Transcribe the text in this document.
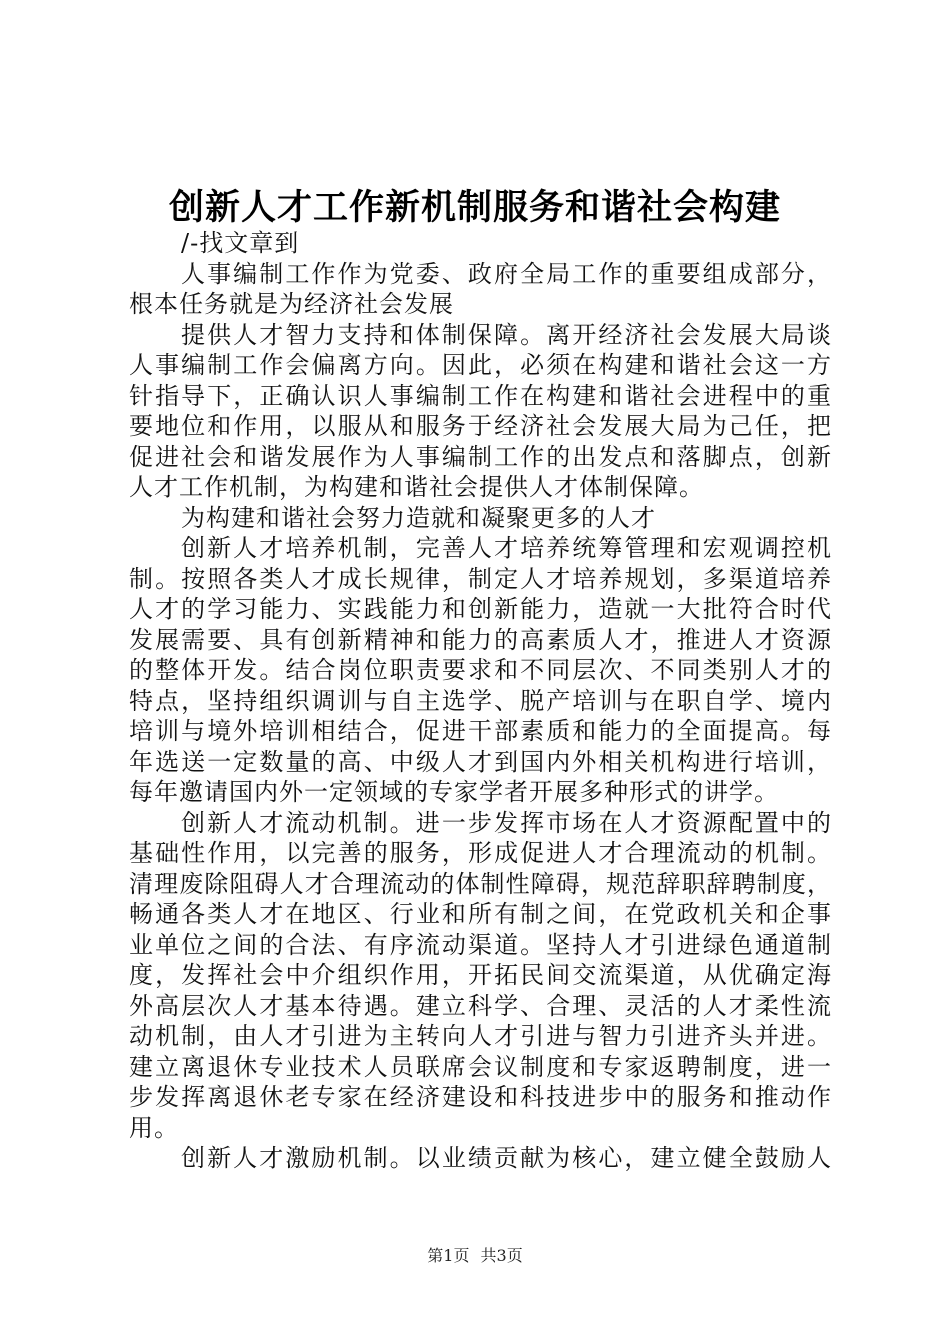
创新人才工作新机制服务和谐社会构建
/-找文章到
人事编制工作作为党委、政府全局工作的重要组成部分，
根本任务就是为经济社会发展
提供人才智力支持和体制保障。离开经济社会发展大局谈
人事编制工作会偏离方向。因此，必须在构建和谐社会这一方
针指导下，正确认识人事编制工作在构建和谐社会进程中的重
要地位和作用，以服从和服务于经济社会发展大局为己任，把
促进社会和谐发展作为人事编制工作的出发点和落脚点，创新
人才工作机制，为构建和谐社会提供人才体制保障。
为构建和谐社会努力造就和凝聚更多的人才
创新人才培养机制，完善人才培养统筹管理和宏观调控机
制。按照各类人才成长规律，制定人才培养规划，多渠道培养
人才的学习能力、实践能力和创新能力，造就一大批符合时代
发展需要、具有创新精神和能力的高素质人才，推进人才资源
的整体开发。结合岗位职责要求和不同层次、不同类别人才的
特点，坚持组织调训与自主选学、脱产培训与在职自学、境内
培训与境外培训相结合，促进干部素质和能力的全面提高。每
年选送一定数量的高、中级人才到国内外相关机构进行培训，
每年邀请国内外一定领域的专家学者开展多种形式的讲学。
创新人才流动机制。进一步发挥市场在人才资源配置中的
基础性作用，以完善的服务，形成促进人才合理流动的机制。
清理废除阻碍人才合理流动的体制性障碍，规范辞职辞聘制度，
畅通各类人才在地区、行业和所有制之间，在党政机关和企事
业单位之间的合法、有序流动渠道。坚持人才引进绿色通道制
度，发挥社会中介组织作用，开拓民间交流渠道，从优确定海
外高层次人才基本待遇。建立科学、合理、灵活的人才柔性流
动机制，由人才引进为主转向人才引进与智力引进齐头并进。
建立离退休专业技术人员联席会议制度和专家返聘制度，进一
步发挥离退休老专家在经济建设和科技进步中的服务和推动作
用。
创新人才激励机制。以业绩贡献为核心，建立健全鼓励人
第1页 共3页
